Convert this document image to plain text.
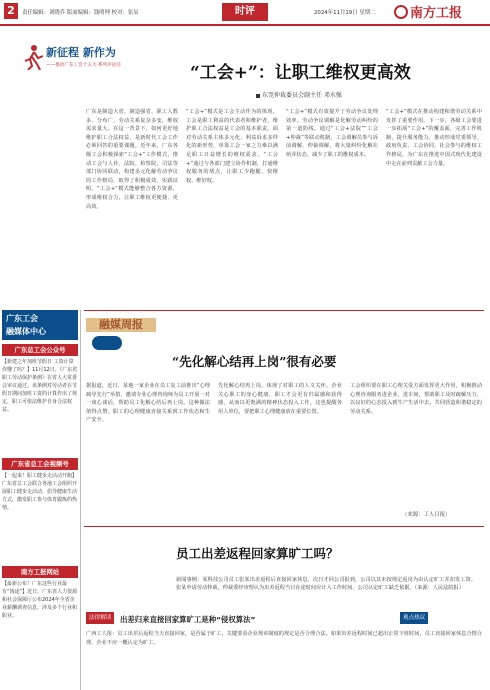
2	责任编辑：刘晓乔 版面编辑：钱明理 校对：张辰	时评	2024年11月19日 星期二	南方工报
新征程 新作为
——推动广东工会十五大·系列评论⑬	“工会+”：让职工维权更高效
东莞仲裁委员会副主任 邓水强
广东是制造大省、制造强省，职工人数多、分布广，劳动关系复杂多变，维权需求量大。在这一背景下，如何更好地维护职工合法权益，是新时代工会工作必须回答的重要课题。近年来，广东各级工会积极探索“工会+”工作模式，推动工会与人社、法院、检察院、司法等部门协同联动，构建多元化解劳动争议的工作格局，取得了积极成效。实践证明，“工会+”模式能够整合各方资源，形成维权合力，让职工维权更便捷、更高效。
“工会+”模式是工会主动作为的体现。工会是职工利益的代表者和维护者，维护职工合法权益是工会的基本职责。面对劳动关系主体多元化、利益诉求多样化的新形势，单靠工会一家之力难以满足职工日益增长的维权需求。“工会+”通过与各部门建立协作机制，打通维权服务的堵点，让职工少跑腿、快维权、维好权。
“工会+”模式有效提升了劳动争议处理效率。劳动争议调解是化解劳动纠纷的第一道防线。通过“工会+法院”“工会+仲裁”等联动机制，工会调解员参与诉前调解、仲裁调解，将大量纠纷化解在萌芽状态，减少了职工的维权成本。
“工会+”模式在推动构建和谐劳动关系中发挥了重要作用。下一步，各级工会要进一步拓展“工会+”的覆盖面，完善工作机制，提升服务能力，推动形成党委领导、政府负责、工会协同、社会参与的维权工作格局，为广东在推进中国式现代化建设中走在前列贡献工会力量。
广东工会
融媒体中心
广东总工会公众号
【新建之年加班节假日 工资计算你懂了吗？】11月12日，《广东省职工劳动保护条例》在省人大常委会审议通过。该条例对劳动者在节假日期间加班工资的计算作出了规定，职工可依法维护自身合法权益。
广东省总工会视频号
【一起来！职工健步走活动开跑】广东省总工会联合各地工会组织开展职工健步走活动，倡导健康生活方式，激发职工参与体育锻炼的热情。
南方工报网站
【最新公布！广东这些行业最有“钱途”】近日，广东省人力资源和社会保障厅公布2024年全省企业薪酬调查信息，涉及多个行业和职业。
融媒周报
“先化解心结再上岗”很有必要
据报道，近日，某地一家企业在员工复工前推出“心理疏导先行”举措，邀请专业心理咨询师为员工开展一对一谈心谈话，帮助员工化解心结后再上岗。这种做法值得点赞。职工的心理健康直接关系到工作状态和生产安全。
先化解心结再上岗，体现了对职工的人文关怀。企业关心职工的身心健康，职工才会更有归属感和获得感，从而以更饱满的精神状态投入工作。这也提醒各用人单位，要把职工心理健康放在重要位置。
工会组织要在职工心理关爱方面发挥更大作用，积极推动心理咨询服务进企业、进车间，帮助职工及时疏解压力，以良好的心态投入到生产生活中去，共同营造和谐稳定的劳动关系。
（来源：工人日报）
员工出差返程回家算旷工吗？
新闻事例：某科技公司员工张某出差返程后直接回家休息，次日才回公司报到，公司以其未按规定返岗为由认定旷工并扣发工资。张某申请劳动仲裁，仲裁委经审理认为出差返程当日在途时间应计入工作时间，公司认定旷工缺乏依据。（来源：人民法院报）
法律解读	出差归来直接回家算旷工是种“侵权算法”	观点热议
广西工人报：员工出差后返程当天直接回家，是否属于旷工，关键要看企业规章制度的规定是否合理合法。如果出差返程时间已超出正常下班时间，员工直接回家休息合情合理，企业不应一概认定为旷工。
